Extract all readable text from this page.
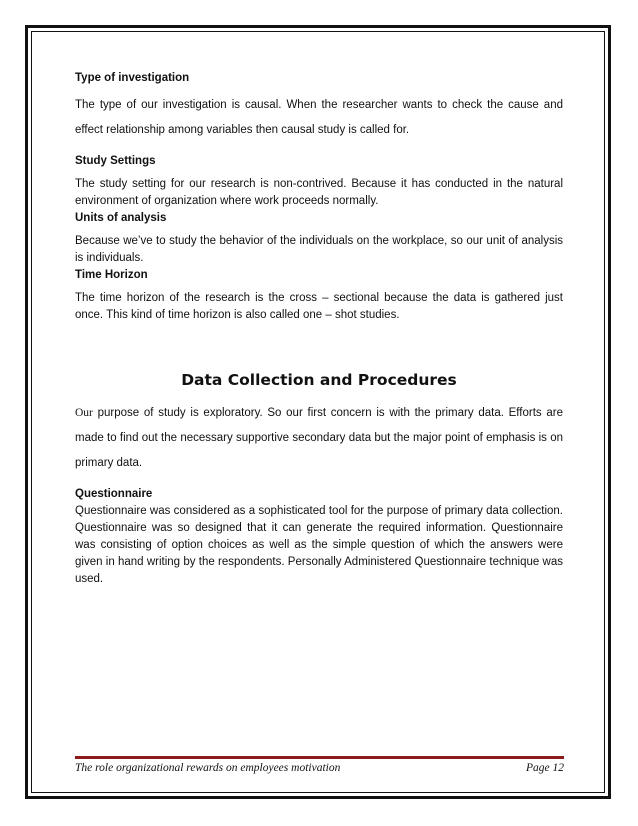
Type of investigation

The type of our investigation is causal. When the researcher wants to check the cause and effect relationship among variables then causal study is called for.

Study Settings

The study setting for our research is non-contrived. Because it has conducted in the natural environment of organization where work proceeds normally.

Units of analysis

Because we’ve to study the behavior of the individuals on the workplace, so our unit of analysis is individuals.

Time Horizon

The time horizon of the research is the cross – sectional because the data is gathered just once. This kind of time horizon is also called one – shot studies.

Data Collection and Procedures

Our purpose of study is exploratory. So our first concern is with the primary data. Efforts are made to find out the necessary supportive secondary data but the major point of emphasis is on primary data.

Questionnaire

Questionnaire was considered as a sophisticated tool for the purpose of primary data collection. Questionnaire was so designed that it can generate the required information. Questionnaire was consisting of option choices as well as the simple question of which the answers were given in hand writing by the respondents. Personally Administered Questionnaire technique was used.

The role organizational rewards on employees motivation	Page 12
